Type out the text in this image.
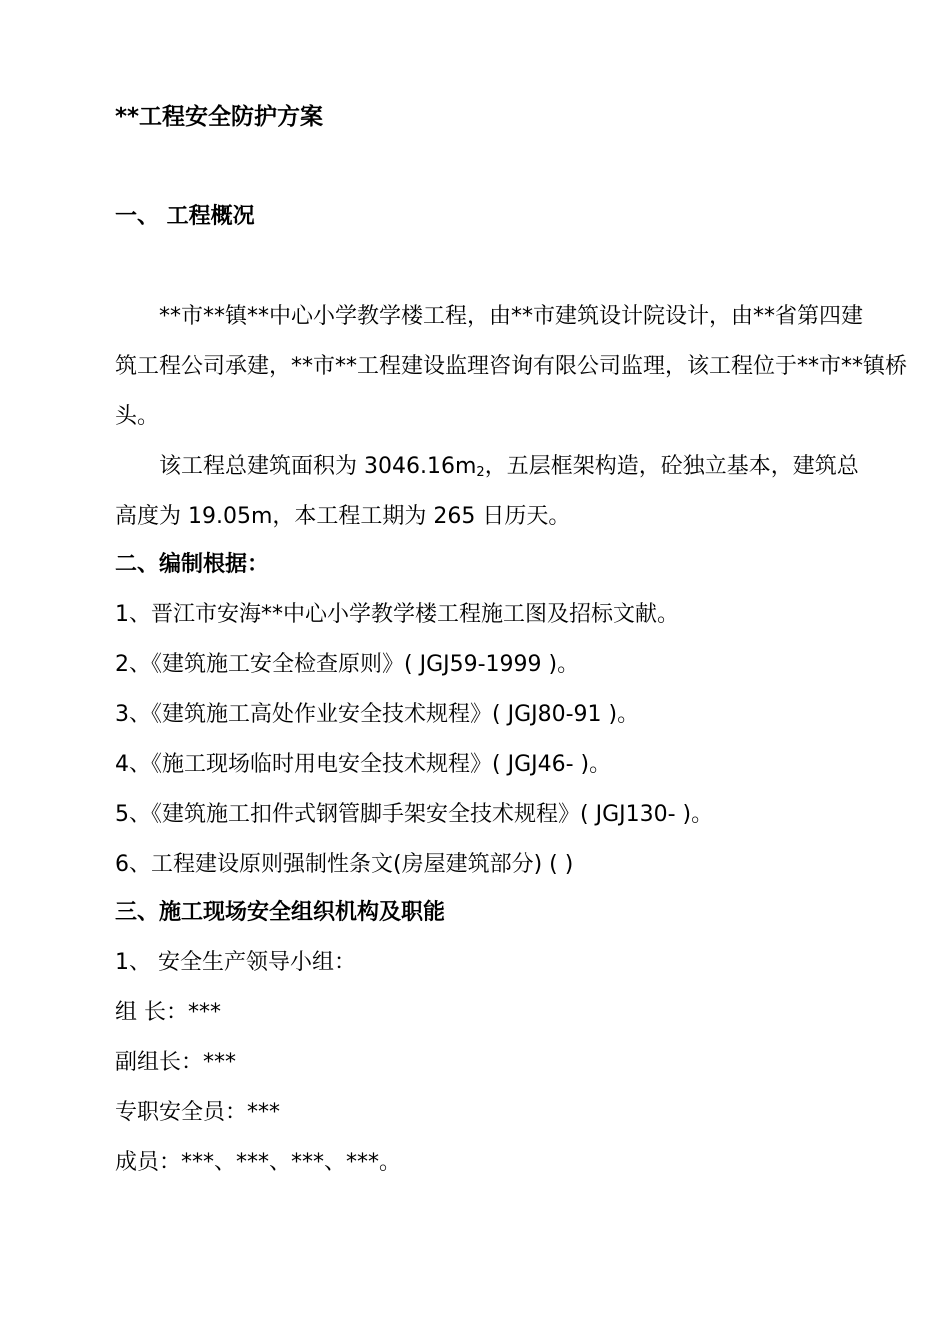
**工程安全防护方案
一、 工程概况
**市**镇**中心小学教学楼工程，由**市建筑设计院设计，由**省第四建
筑工程公司承建，**市**工程建设监理咨询有限公司监理，该工程位于**市**镇桥
头。
该工程总建筑面积为 $3046.16m_2$，五层框架构造，砼独立基本，建筑总
高度为 19.05m，本工程工期为 265 日历天。
二、编制根据：
1、晋江市安海**中心小学教学楼工程施工图及招标文献。
2、《建筑施工安全检查原则》( JGJ59-1999 )。
3、《建筑施工高处作业安全技术规程》( JGJ80-91 )。
4、《施工现场临时用电安全技术规程》( JGJ46- )。
5、《建筑施工扣件式钢管脚手架安全技术规程》( JGJ130- )。
6、工程建设原则强制性条文(房屋建筑部分) ( )
三、施工现场安全组织机构及职能
1、 安全生产领导小组：
组 长：***
副组长：***
专职安全员：***
成员：***、***、***、***。
